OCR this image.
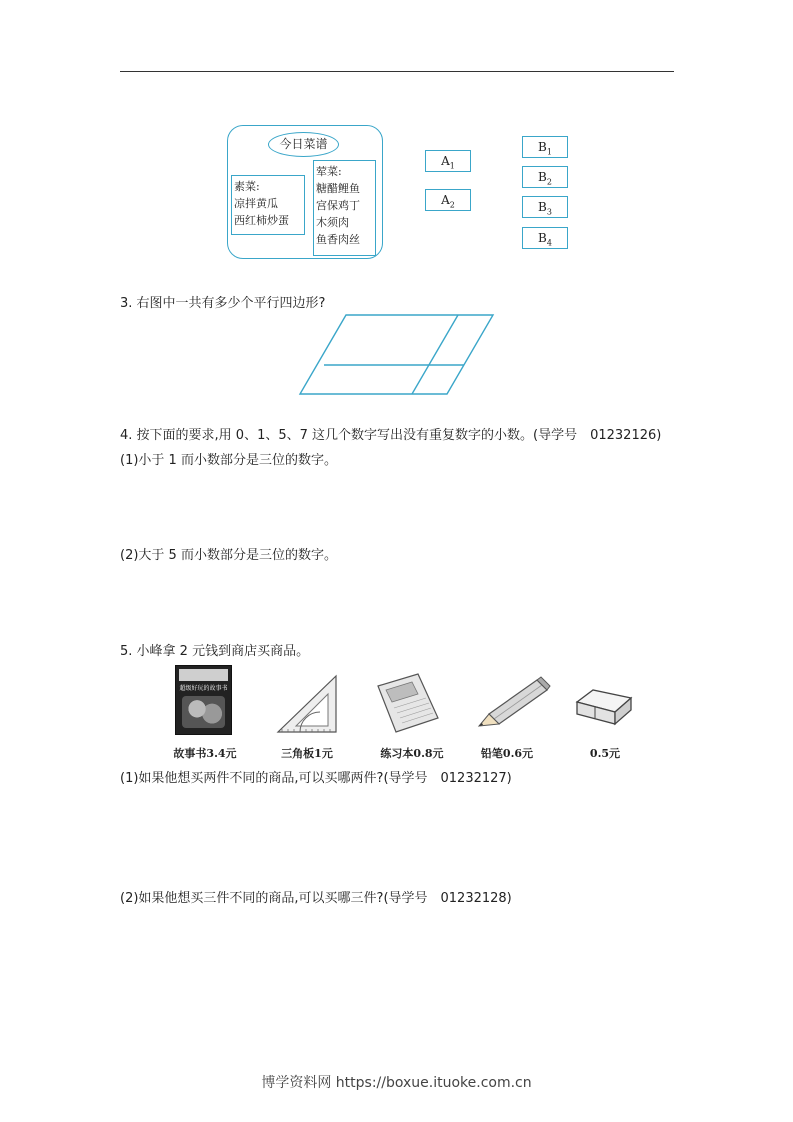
今日菜谱
素菜:
凉拌黄瓜
西红柿炒蛋
荤菜:
糖醋鲤鱼
宫保鸡丁
木须肉
鱼香肉丝
$A_1$
$A_2$
$B_1$
$B_2$
$B_3$
$B_4$
3. 右图中一共有多少个平行四边形?
4. 按下面的要求,用 0、1、5、7 这几个数字写出没有重复数字的小数。(导学号　01232126)
(1)小于 1 而小数部分是三位的数字。
(2)大于 5 而小数部分是三位的数字。
5. 小峰拿 2 元钱到商店买商品。
超级好玩的故事书
故事书3.4元	三角板1元	练习本0.8元	铅笔0.6元	0.5元
(1)如果他想买两件不同的商品,可以买哪两件?(导学号　01232127)
(2)如果他想买三件不同的商品,可以买哪三件?(导学号　01232128)
博学资料网 https://boxue.ituoke.com.cn
